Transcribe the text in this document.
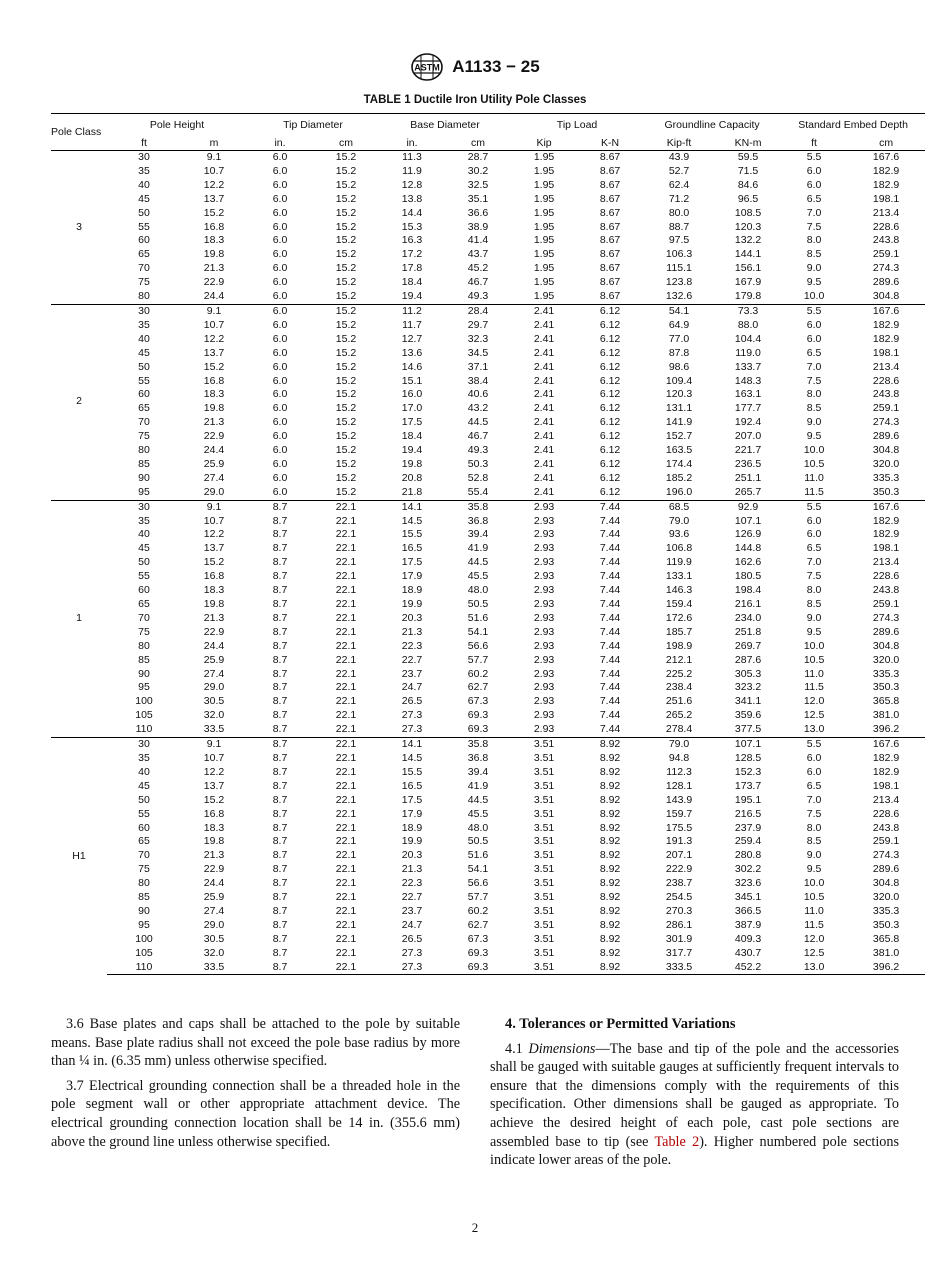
ASTM A1133 − 25
TABLE 1 Ductile Iron Utility Pole Classes
Pole Class	Pole Height		Tip Diameter		Base Diameter		Tip Load		Groundline Capacity		Standard Embed Depth	
	ft	m	in.	cm	in.	cm	Kip	K-N	Kip-ft	KN-m	ft	cm
3	30	9.1	6.0	15.2	11.3	28.7	1.95	8.67	43.9	59.5	5.5	167.6
	35	10.7	6.0	15.2	11.9	30.2	1.95	8.67	52.7	71.5	6.0	182.9
	40	12.2	6.0	15.2	12.8	32.5	1.95	8.67	62.4	84.6	6.0	182.9
	45	13.7	6.0	15.2	13.8	35.1	1.95	8.67	71.2	96.5	6.5	198.1
	50	15.2	6.0	15.2	14.4	36.6	1.95	8.67	80.0	108.5	7.0	213.4
	55	16.8	6.0	15.2	15.3	38.9	1.95	8.67	88.7	120.3	7.5	228.6
	60	18.3	6.0	15.2	16.3	41.4	1.95	8.67	97.5	132.2	8.0	243.8
	65	19.8	6.0	15.2	17.2	43.7	1.95	8.67	106.3	144.1	8.5	259.1
	70	21.3	6.0	15.2	17.8	45.2	1.95	8.67	115.1	156.1	9.0	274.3
	75	22.9	6.0	15.2	18.4	46.7	1.95	8.67	123.8	167.9	9.5	289.6
	80	24.4	6.0	15.2	19.4	49.3	1.95	8.67	132.6	179.8	10.0	304.8
2	30	9.1	6.0	15.2	11.2	28.4	2.41	6.12	54.1	73.3	5.5	167.6
	35	10.7	6.0	15.2	11.7	29.7	2.41	6.12	64.9	88.0	6.0	182.9
	40	12.2	6.0	15.2	12.7	32.3	2.41	6.12	77.0	104.4	6.0	182.9
	45	13.7	6.0	15.2	13.6	34.5	2.41	6.12	87.8	119.0	6.5	198.1
	50	15.2	6.0	15.2	14.6	37.1	2.41	6.12	98.6	133.7	7.0	213.4
	55	16.8	6.0	15.2	15.1	38.4	2.41	6.12	109.4	148.3	7.5	228.6
	60	18.3	6.0	15.2	16.0	40.6	2.41	6.12	120.3	163.1	8.0	243.8
	65	19.8	6.0	15.2	17.0	43.2	2.41	6.12	131.1	177.7	8.5	259.1
	70	21.3	6.0	15.2	17.5	44.5	2.41	6.12	141.9	192.4	9.0	274.3
	75	22.9	6.0	15.2	18.4	46.7	2.41	6.12	152.7	207.0	9.5	289.6
	80	24.4	6.0	15.2	19.4	49.3	2.41	6.12	163.5	221.7	10.0	304.8
	85	25.9	6.0	15.2	19.8	50.3	2.41	6.12	174.4	236.5	10.5	320.0
	90	27.4	6.0	15.2	20.8	52.8	2.41	6.12	185.2	251.1	11.0	335.3
	95	29.0	6.0	15.2	21.8	55.4	2.41	6.12	196.0	265.7	11.5	350.3
1	30	9.1	8.7	22.1	14.1	35.8	2.93	7.44	68.5	92.9	5.5	167.6
	35	10.7	8.7	22.1	14.5	36.8	2.93	7.44	79.0	107.1	6.0	182.9
	40	12.2	8.7	22.1	15.5	39.4	2.93	7.44	93.6	126.9	6.0	182.9
	45	13.7	8.7	22.1	16.5	41.9	2.93	7.44	106.8	144.8	6.5	198.1
	50	15.2	8.7	22.1	17.5	44.5	2.93	7.44	119.9	162.6	7.0	213.4
	55	16.8	8.7	22.1	17.9	45.5	2.93	7.44	133.1	180.5	7.5	228.6
	60	18.3	8.7	22.1	18.9	48.0	2.93	7.44	146.3	198.4	8.0	243.8
	65	19.8	8.7	22.1	19.9	50.5	2.93	7.44	159.4	216.1	8.5	259.1
	70	21.3	8.7	22.1	20.3	51.6	2.93	7.44	172.6	234.0	9.0	274.3
	75	22.9	8.7	22.1	21.3	54.1	2.93	7.44	185.7	251.8	9.5	289.6
	80	24.4	8.7	22.1	22.3	56.6	2.93	7.44	198.9	269.7	10.0	304.8
	85	25.9	8.7	22.1	22.7	57.7	2.93	7.44	212.1	287.6	10.5	320.0
	90	27.4	8.7	22.1	23.7	60.2	2.93	7.44	225.2	305.3	11.0	335.3
	95	29.0	8.7	22.1	24.7	62.7	2.93	7.44	238.4	323.2	11.5	350.3
	100	30.5	8.7	22.1	26.5	67.3	2.93	7.44	251.6	341.1	12.0	365.8
	105	32.0	8.7	22.1	27.3	69.3	2.93	7.44	265.2	359.6	12.5	381.0
	110	33.5	8.7	22.1	27.3	69.3	2.93	7.44	278.4	377.5	13.0	396.2
H1	30	9.1	8.7	22.1	14.1	35.8	3.51	8.92	79.0	107.1	5.5	167.6
	35	10.7	8.7	22.1	14.5	36.8	3.51	8.92	94.8	128.5	6.0	182.9
	40	12.2	8.7	22.1	15.5	39.4	3.51	8.92	112.3	152.3	6.0	182.9
	45	13.7	8.7	22.1	16.5	41.9	3.51	8.92	128.1	173.7	6.5	198.1
	50	15.2	8.7	22.1	17.5	44.5	3.51	8.92	143.9	195.1	7.0	213.4
	55	16.8	8.7	22.1	17.9	45.5	3.51	8.92	159.7	216.5	7.5	228.6
	60	18.3	8.7	22.1	18.9	48.0	3.51	8.92	175.5	237.9	8.0	243.8
	65	19.8	8.7	22.1	19.9	50.5	3.51	8.92	191.3	259.4	8.5	259.1
	70	21.3	8.7	22.1	20.3	51.6	3.51	8.92	207.1	280.8	9.0	274.3
	75	22.9	8.7	22.1	21.3	54.1	3.51	8.92	222.9	302.2	9.5	289.6
	80	24.4	8.7	22.1	22.3	56.6	3.51	8.92	238.7	323.6	10.0	304.8
	85	25.9	8.7	22.1	22.7	57.7	3.51	8.92	254.5	345.1	10.5	320.0
	90	27.4	8.7	22.1	23.7	60.2	3.51	8.92	270.3	366.5	11.0	335.3
	95	29.0	8.7	22.1	24.7	62.7	3.51	8.92	286.1	387.9	11.5	350.3
	100	30.5	8.7	22.1	26.5	67.3	3.51	8.92	301.9	409.3	12.0	365.8
	105	32.0	8.7	22.1	27.3	69.3	3.51	8.92	317.7	430.7	12.5	381.0
	110	33.5	8.7	22.1	27.3	69.3	3.51	8.92	333.5	452.2	13.0	396.2

3.6 Base plates and caps shall be attached to the pole by suitable means. Base plate radius shall not exceed the pole base radius by more than ¼ in. (6.35 mm) unless otherwise specified.

3.7 Electrical grounding connection shall be a threaded hole in the pole segment wall or other appropriate attachment device. The electrical grounding connection location shall be 14 in. (355.6 mm) above the ground line unless otherwise specified.

4. Tolerances or Permitted Variations

4.1 Dimensions—The base and tip of the pole and the accessories shall be gauged with suitable gauges at sufficiently frequent intervals to ensure that the dimensions comply with the requirements of this specification. Other dimensions shall be gauged as appropriate. To achieve the desired height of each pole, cast pole sections are assembled base to tip (see Table 2). Higher numbered pole sections indicate lower areas of the pole.

2
